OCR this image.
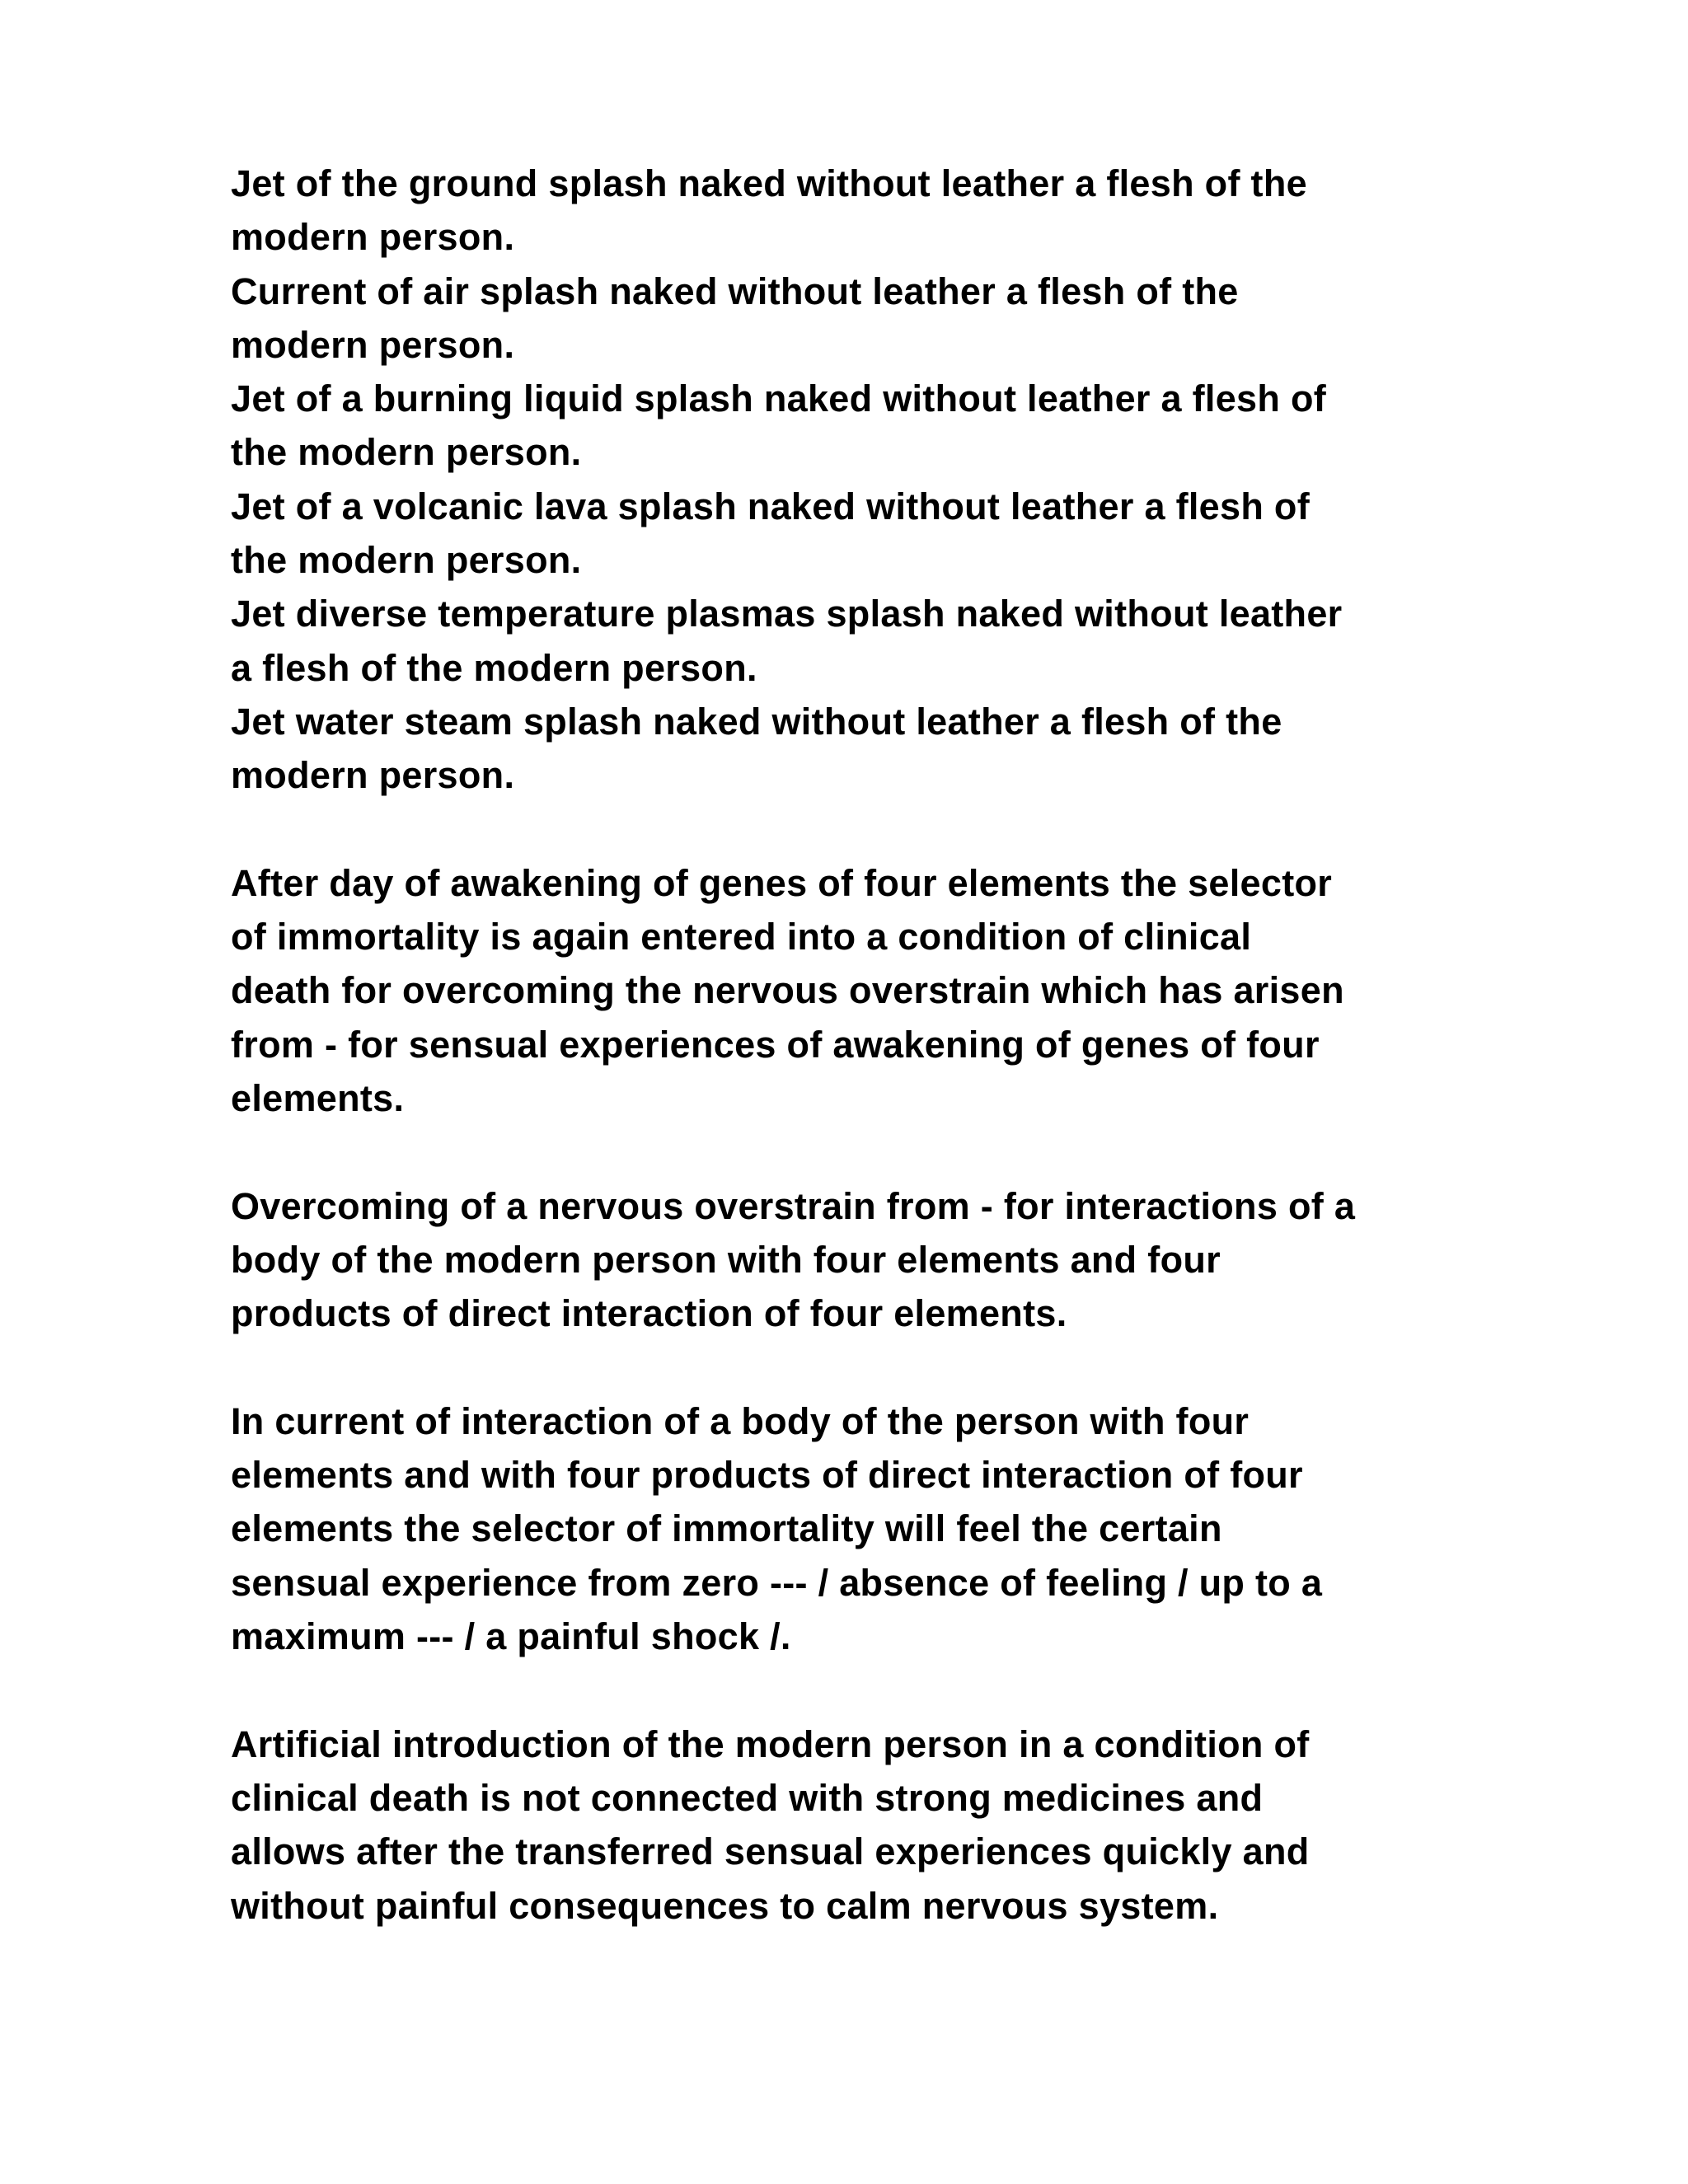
Jet of the ground splash naked without leather a flesh of the
modern person.
Current of air splash naked without leather a flesh of the
modern person.
Jet of a burning liquid splash naked without leather a flesh of
the modern person.
Jet of a volcanic lava splash naked without leather a flesh of
the modern person.
Jet diverse temperature plasmas splash naked without leather
a flesh of the modern person.
Jet water steam splash naked without leather a flesh of the
modern person.

After day of awakening of genes of four elements the selector
of immortality is again entered into a condition of clinical
death for overcoming the nervous overstrain which has arisen
from - for sensual experiences of awakening of genes of four
elements.

Overcoming of a nervous overstrain from - for interactions of a
body of the modern person with four elements and four
products of direct interaction of four elements.

In current of interaction of a body of the person with four
elements and with four products of direct interaction of four
elements the selector of immortality will feel the certain
sensual experience from zero --- / absence of feeling / up to a
maximum --- / a painful shock /.

Artificial introduction of the modern person in a condition of
clinical death is not connected with strong medicines and
allows after the transferred sensual experiences quickly and
without painful consequences to calm nervous system.
